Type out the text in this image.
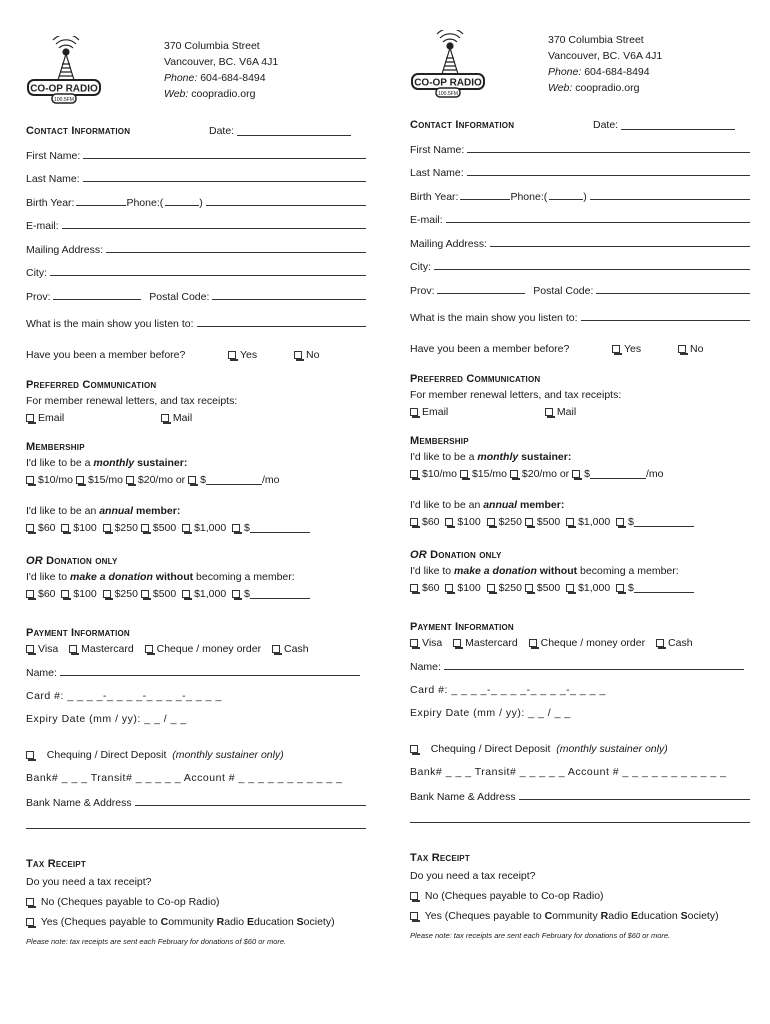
CO-OP RADIO
100.5FM
370 Columbia Street
Vancouver, BC. V6A 4J1
Phone: 604-684-8494
Web: coopradio.org
Contact Information	Date:
First Name:
Last Name:
Birth Year:	Phone:(	)
E-mail:
Mailing Address:
City:
Prov:
	Postal Code:
What is the main show you listen to:
Have you been a member before?	Yes	No
Preferred Communication
For member renewal letters, and tax receipts:
Email	Mail
Membership
I'd like to be a monthly sustainer:
$10/mo $15/mo $20/mo or $	/mo
I'd like to be an annual member:
$60 $100 $250 $500 $1,000 $
OR Donation only
I'd like to make a donation without becoming a member:
$60 $100 $250 $500 $1,000 $
Payment Information
Visa Mastercard Cheque / money order Cash
Name:
Card #: _ _ _ _-_ _ _ _-_ _ _ _-_ _ _ _
Expiry Date (mm / yy): _ _ / _ _
Chequing / Direct Deposit (monthly sustainer only)
Bank# _ _ _ Transit# _ _ _ _ _ Account # _ _ _ _ _ _ _ _ _ _ _
Bank Name & Address
Tax Receipt
Do you need a tax receipt?
No (Cheques payable to Co-op Radio)
Yes (Cheques payable to Community Radio Education Society)
Please note: tax receipts are sent each February for donations of $60 or more.
CO-OP RADIO
100.5FM
370 Columbia Street
Vancouver, BC. V6A 4J1
Phone: 604-684-8494
Web: coopradio.org
Contact Information	Date:
First Name:
Last Name:
Birth Year:	Phone:(	)
E-mail:
Mailing Address:
City:
Prov:
	Postal Code:
What is the main show you listen to:
Have you been a member before?	Yes	No
Preferred Communication
For member renewal letters, and tax receipts:
Email	Mail
Membership
I'd like to be a monthly sustainer:
$10/mo $15/mo $20/mo or $	/mo
I'd like to be an annual member:
$60 $100 $250 $500 $1,000 $
OR Donation only
I'd like to make a donation without becoming a member:
$60 $100 $250 $500 $1,000 $
Payment Information
Visa Mastercard Cheque / money order Cash
Name:
Card #: _ _ _ _-_ _ _ _-_ _ _ _-_ _ _ _
Expiry Date (mm / yy): _ _ / _ _
Chequing / Direct Deposit (monthly sustainer only)
Bank# _ _ _ Transit# _ _ _ _ _ Account # _ _ _ _ _ _ _ _ _ _ _
Bank Name & Address
Tax Receipt
Do you need a tax receipt?
No (Cheques payable to Co-op Radio)
Yes (Cheques payable to Community Radio Education Society)
Please note: tax receipts are sent each February for donations of $60 or more.
